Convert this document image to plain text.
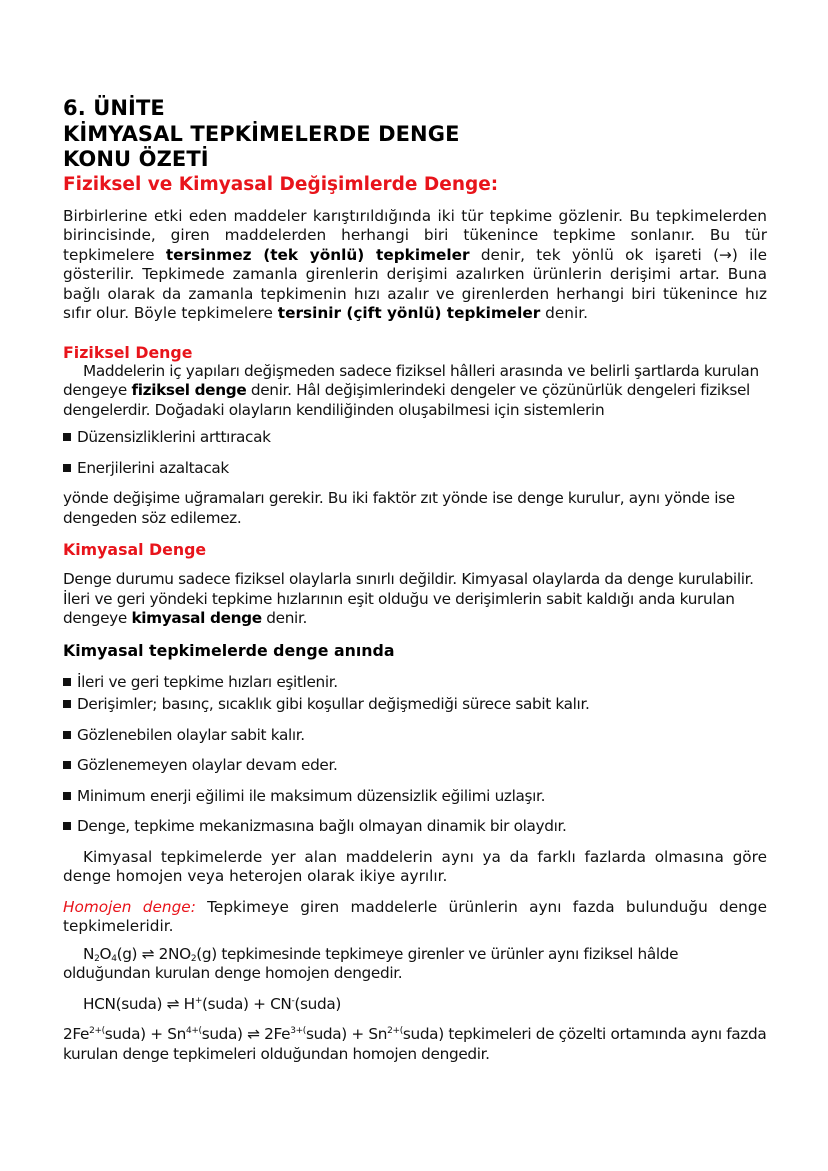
6. ÜNİTE
KİMYASAL TEPKİMELERDE DENGE
KONU ÖZETİ
Fiziksel ve Kimyasal Değişimlerde Denge:

Birbirlerine etki eden maddeler karıştırıldığında iki tür tepkime gözlenir. Bu tepkimelerden birincisinde, giren maddelerden herhangi biri tükenince tepkime sonlanır. Bu tür tepkimelere tersinmez (tek yönlü) tepkimeler denir, tek yönlü ok işareti (→) ile gösterilir. Tepkimede zamanla girenlerin derişimi azalırken ürünlerin derişimi artar. Buna bağlı olarak da zamanla tepkimenin hızı azalır ve girenlerden herhangi biri tükenince hız sıfır olur. Böyle tepkimelere tersinir (çift yönlü) tepkimeler denir.

Fiziksel Denge

Maddelerin iç yapıları değişmeden sadece fiziksel hâlleri arasında ve belirli şartlarda kurulan dengeye fiziksel denge denir. Hâl değişimlerindeki dengeler ve çözünürlük dengeleri fiziksel dengelerdir. Doğadaki olayların kendiliğinden oluşabilmesi için sistemlerin

Düzensizliklerini arttıracak
Enerjilerini azaltacak

yönde değişime uğramaları gerekir. Bu iki faktör zıt yönde ise denge kurulur, aynı yönde ise dengeden söz edilemez.

Kimyasal Denge

Denge durumu sadece fiziksel olaylarla sınırlı değildir. Kimyasal olaylarda da denge kurulabilir. İleri ve geri yöndeki tepkime hızlarının eşit olduğu ve derişimlerin sabit kaldığı anda kurulan dengeye kimyasal denge denir.

Kimyasal tepkimelerde denge anında
İleri ve geri tepkime hızları eşitlenir.
Derişimler; basınç, sıcaklık gibi koşullar değişmediği sürece sabit kalır.
Gözlenebilen olaylar sabit kalır.
Gözlenemeyen olaylar devam eder.
Minimum enerji eğilimi ile maksimum düzensizlik eğilimi uzlaşır.
Denge, tepkime mekanizmasına bağlı olmayan dinamik bir olaydır.

Kimyasal tepkimelerde yer alan maddelerin aynı ya da farklı fazlarda olmasına göre denge homojen veya heterojen olarak ikiye ayrılır.

Homojen denge: Tepkimeye giren maddelerle ürünlerin aynı fazda bulunduğu denge tepkimeleridir.

$N_2O_4(g)$ ⇌ $2NO_2(g)$ tepkimesinde tepkimeye girenler ve ürünler aynı fiziksel hâlde olduğundan kurulan denge homojen dengedir.

HCN(suda) ⇌ H+(suda) + CN-(suda)

$2Fe^{2+(}suda$) + $Sn^{4+(}suda$) ⇌ $2Fe^{3+(}suda$) + $Sn^{2+(}suda$) tepkimeleri de çözelti ortamında aynı fazda kurulan denge tepkimeleri olduğundan homojen dengedir.
